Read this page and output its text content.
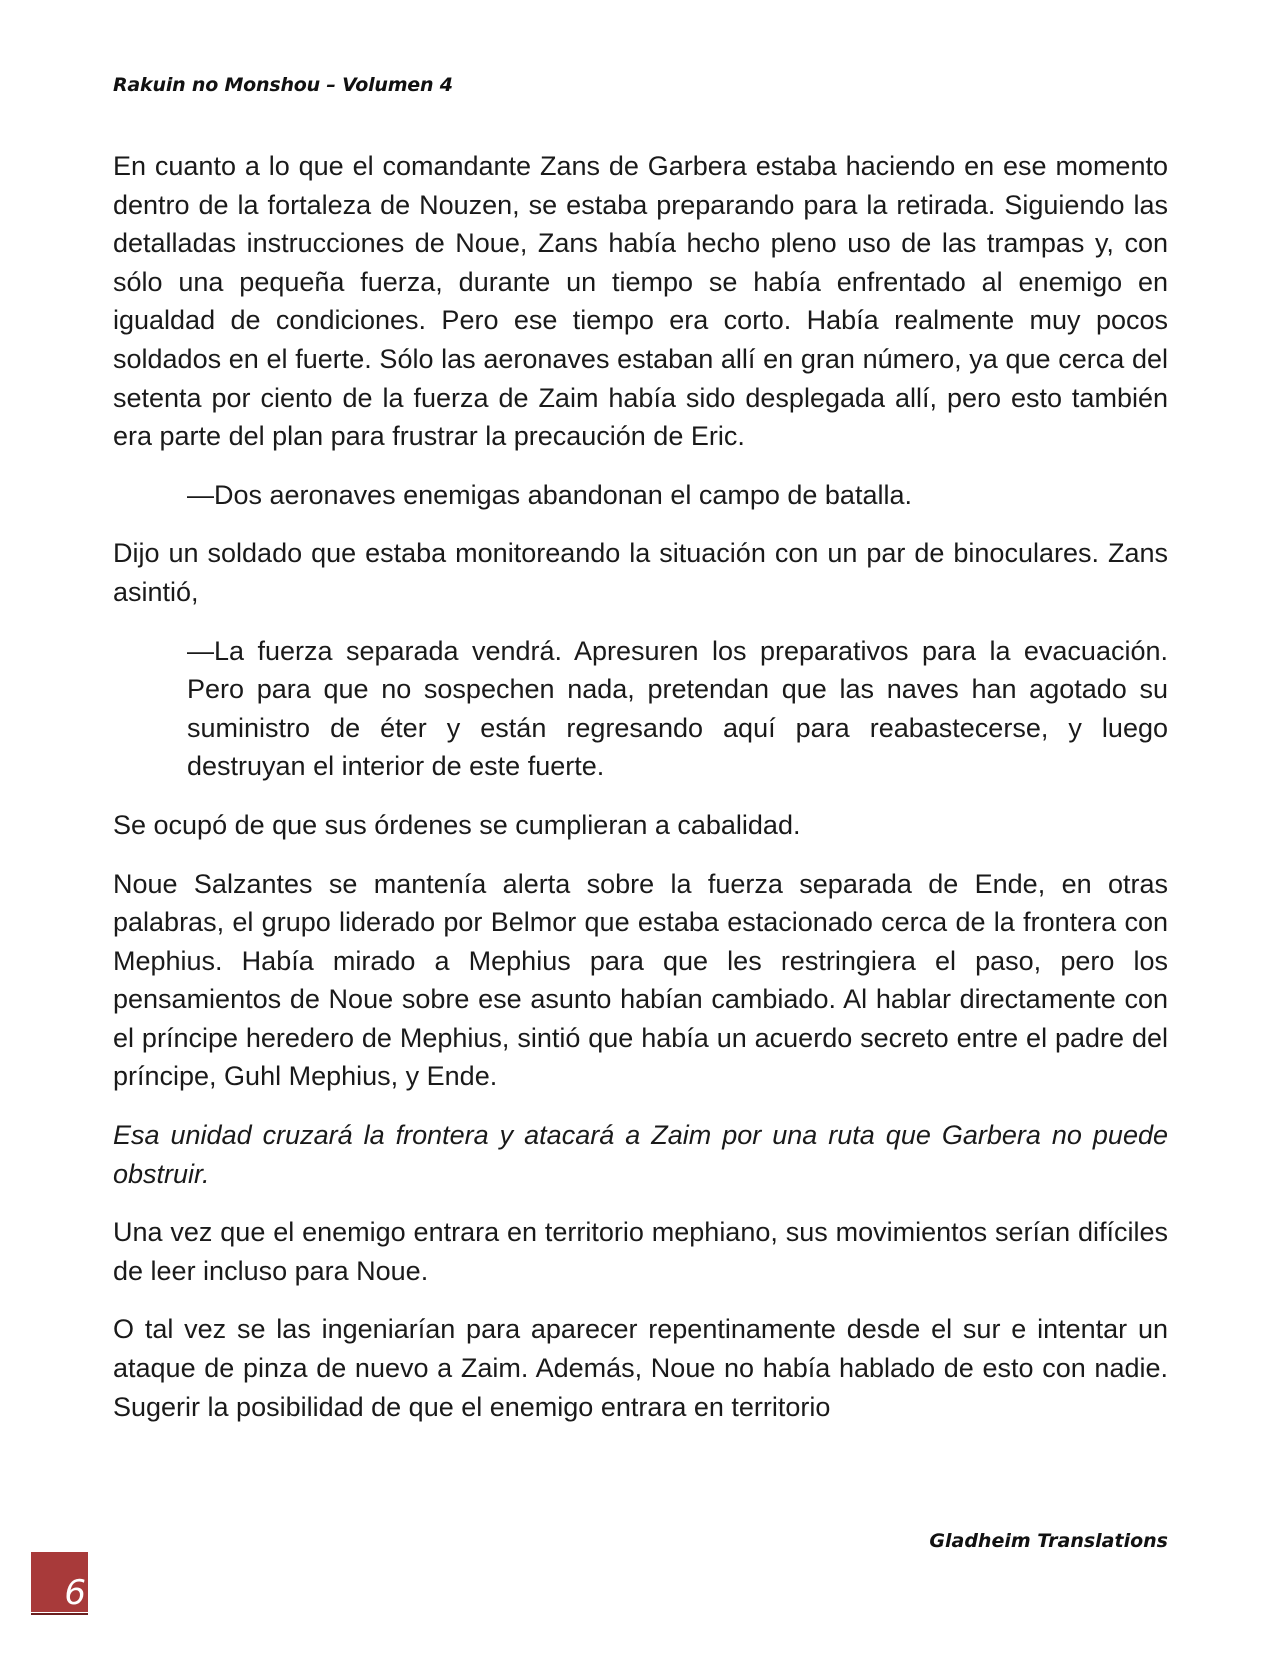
Rakuin no Monshou – Volumen 4

En cuanto a lo que el comandante Zans de Garbera estaba haciendo en ese momento dentro de la fortaleza de Nouzen, se estaba preparando para la retirada. Siguiendo las detalladas instrucciones de Noue, Zans había hecho pleno uso de las trampas y, con sólo una pequeña fuerza, durante un tiempo se había enfrentado al enemigo en igualdad de condiciones. Pero ese tiempo era corto. Había realmente muy pocos soldados en el fuerte. Sólo las aeronaves estaban allí en gran número, ya que cerca del setenta por ciento de la fuerza de Zaim había sido desplegada allí, pero esto también era parte del plan para frustrar la precaución de Eric.

—Dos aeronaves enemigas abandonan el campo de batalla.

Dijo un soldado que estaba monitoreando la situación con un par de binoculares. Zans asintió,

—La fuerza separada vendrá. Apresuren los preparativos para la evacuación. Pero para que no sospechen nada, pretendan que las naves han agotado su suministro de éter y están regresando aquí para reabastecerse, y luego destruyan el interior de este fuerte.

Se ocupó de que sus órdenes se cumplieran a cabalidad.

Noue Salzantes se mantenía alerta sobre la fuerza separada de Ende, en otras palabras, el grupo liderado por Belmor que estaba estacionado cerca de la frontera con Mephius. Había mirado a Mephius para que les restringiera el paso, pero los pensamientos de Noue sobre ese asunto habían cambiado. Al hablar directamente con el príncipe heredero de Mephius, sintió que había un acuerdo secreto entre el padre del príncipe, Guhl Mephius, y Ende.

Esa unidad cruzará la frontera y atacará a Zaim por una ruta que Garbera no puede obstruir.

Una vez que el enemigo entrara en territorio mephiano, sus movimientos serían difíciles de leer incluso para Noue.

O tal vez se las ingeniarían para aparecer repentinamente desde el sur e intentar un ataque de pinza de nuevo a Zaim. Además, Noue no había hablado de esto con nadie. Sugerir la posibilidad de que el enemigo entrara en territorio

Gladheim Translations
6
